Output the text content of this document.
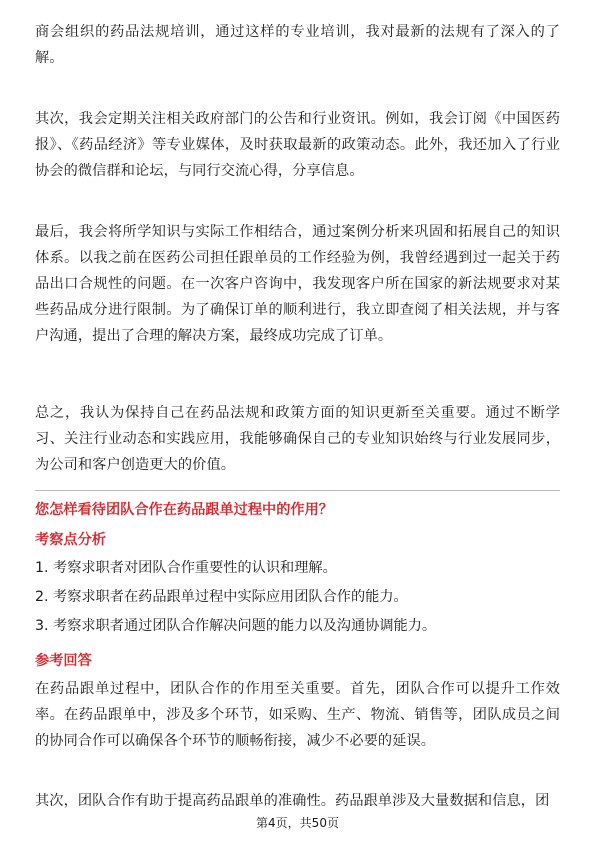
商会组织的药品法规培训，通过这样的专业培训，我对最新的法规有了深入的了解。

其次，我会定期关注相关政府部门的公告和行业资讯。例如，我会订阅《中国医药报》、《药品经济》等专业媒体，及时获取最新的政策动态。此外，我还加入了行业协会的微信群和论坛，与同行交流心得，分享信息。

最后，我会将所学知识与实际工作相结合，通过案例分析来巩固和拓展自己的知识体系。以我之前在医药公司担任跟单员的工作经验为例，我曾经遇到过一起关于药品出口合规性的问题。在一次客户咨询中，我发现客户所在国家的新法规要求对某些药品成分进行限制。为了确保订单的顺利进行，我立即查阅了相关法规，并与客户沟通，提出了合理的解决方案，最终成功完成了订单。

总之，我认为保持自己在药品法规和政策方面的知识更新至关重要。通过不断学习、关注行业动态和实践应用，我能够确保自己的专业知识始终与行业发展同步，为公司和客户创造更大的价值。

您怎样看待团队合作在药品跟单过程中的作用？
考察点分析

1. 考察求职者对团队合作重要性的认识和理解。

2. 考察求职者在药品跟单过程中实际应用团队合作的能力。

3. 考察求职者通过团队合作解决问题的能力以及沟通协调能力。

参考回答

在药品跟单过程中，团队合作的作用至关重要。首先，团队合作可以提升工作效率。在药品跟单中，涉及多个环节，如采购、生产、物流、销售等，团队成员之间的协同合作可以确保各个环节的顺畅衔接，减少不必要的延误。

其次，团队合作有助于提高药品跟单的准确性。药品跟单涉及大量数据和信息，团

第4页，共50页
